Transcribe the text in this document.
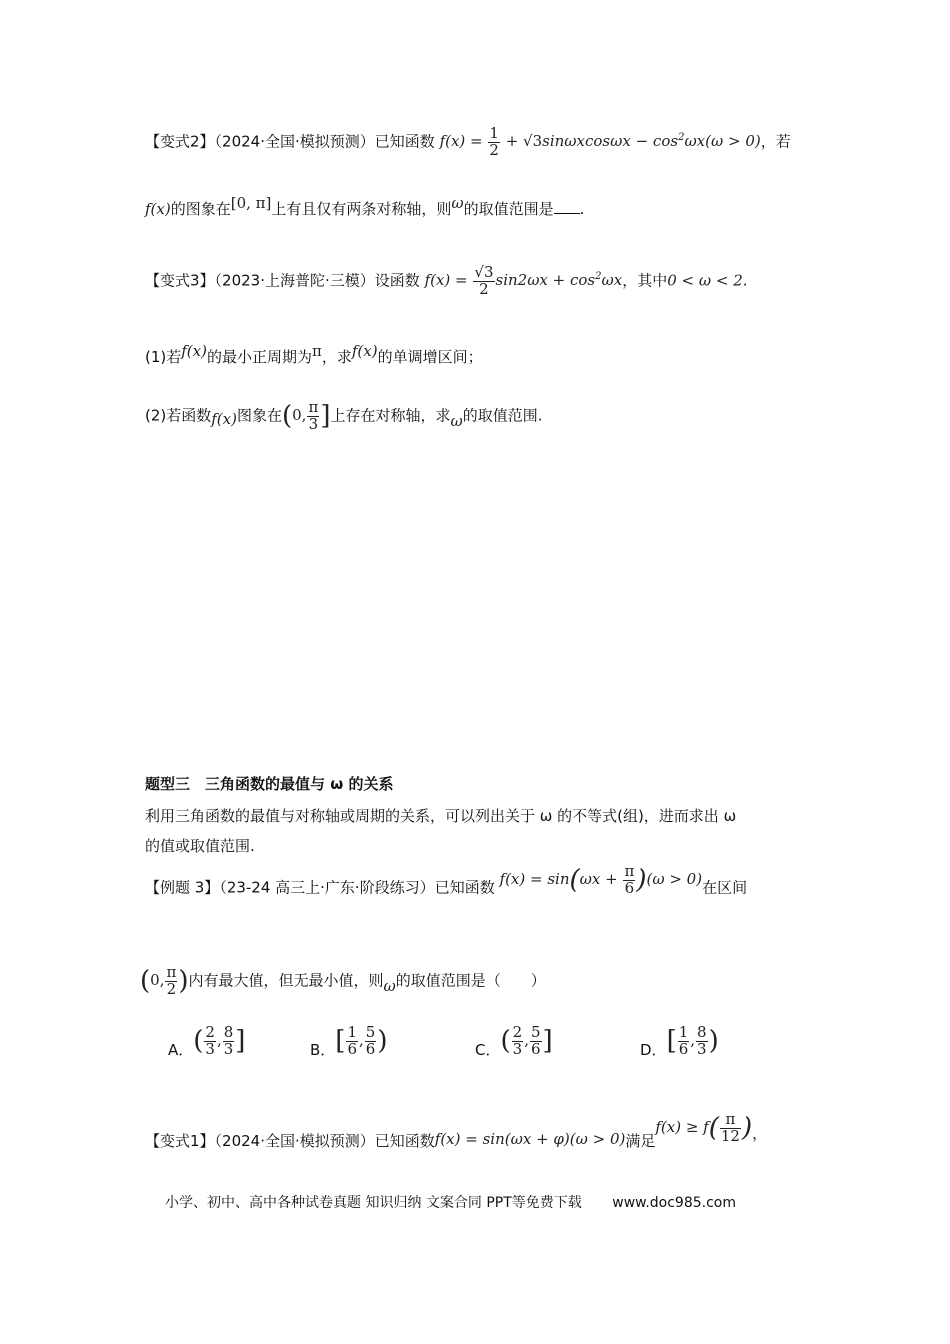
【变式2】（2024·全国·模拟预测）已知函数 $f(x) = \frac{1}{2} + √3\sin\omega xcos\omega x - \cos^2\omega x(\omega > 0)$，若
f(x)的图象在[0, π]上有且仅有两条对称轴，则ω的取值范围是 .
【变式3】（2023·上海普陀·三模）设函数 $f(x) = \frac{√3}{2} \sin 2\omega x + \cos^2\omega x$，其中0 < ω < 2.
(1)若f(x)的最小正周期为π，求f(x)的单调增区间；
(2)若函数f(x)图象在(0, $\frac{\pi}{3}$ ]上存在对称轴，求ω的取值范围.
题型三　三角函数的最值与 ω 的关系
利用三角函数的最值与对称轴或周期的关系，可以列出关于 ω 的不等式(组)，进而求出 ω
的值或取值范围.
【例题 3】（23-24 高三上·广东·阶段练习）已知函数 $f(x) = \sin(\omega x + \frac{\pi}{6} )(\omega > 0)$在区间
(0, $\frac{\pi}{2}$ )内有最大值，但无最小值，则ω的取值范围是（　　）
A．( $\frac{2}{3}$ , $\frac{8}{3}$ ]	B．[ $\frac{1}{6}$ , $\frac{5}{6}$ )	C．( $\frac{2}{3}$ , $\frac{5}{6}$ ]	D．[ $\frac{1}{6}$ , $\frac{8}{3}$ )
【变式1】（2024·全国·模拟预测）已知函数f(x) = sin(ωx + φ)(ω > 0)满足$f(x) \ge f( \frac{\pi}{12}$ )，
小学、初中、高中各种试卷真题 知识归纳 文案合同 PPT等免费下载 www.doc985.com
